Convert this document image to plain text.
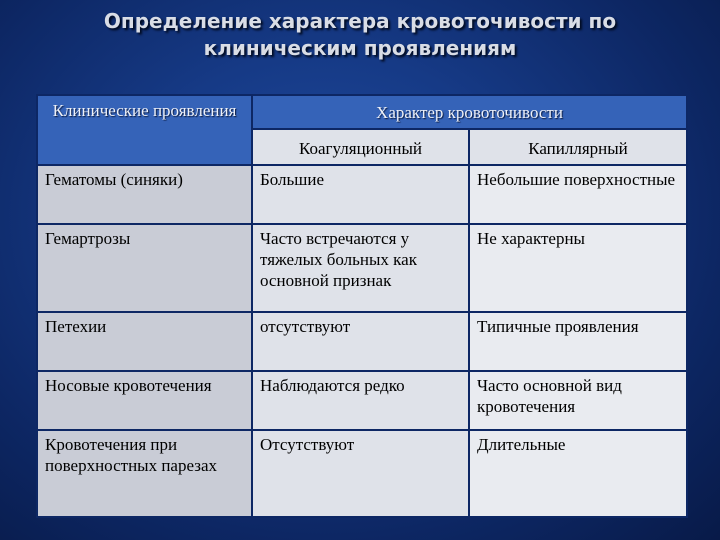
Определение характера кровоточивости по клиническим проявлениям
Клинические проявления	Характер кровоточивости	
	Коагуляционный	Капиллярный
Гематомы (синяки)	Большие	Небольшие поверхностные
Гемартрозы	Часто встречаются у тяжелых больных как основной признак	Не характерны
Петехии	отсутствуют	Типичные проявления
Носовые кровотечения	Наблюдаются редко	Часто основной вид кровотечения
Кровотечения при поверхностных парезах	Отсутствуют	Длительные
